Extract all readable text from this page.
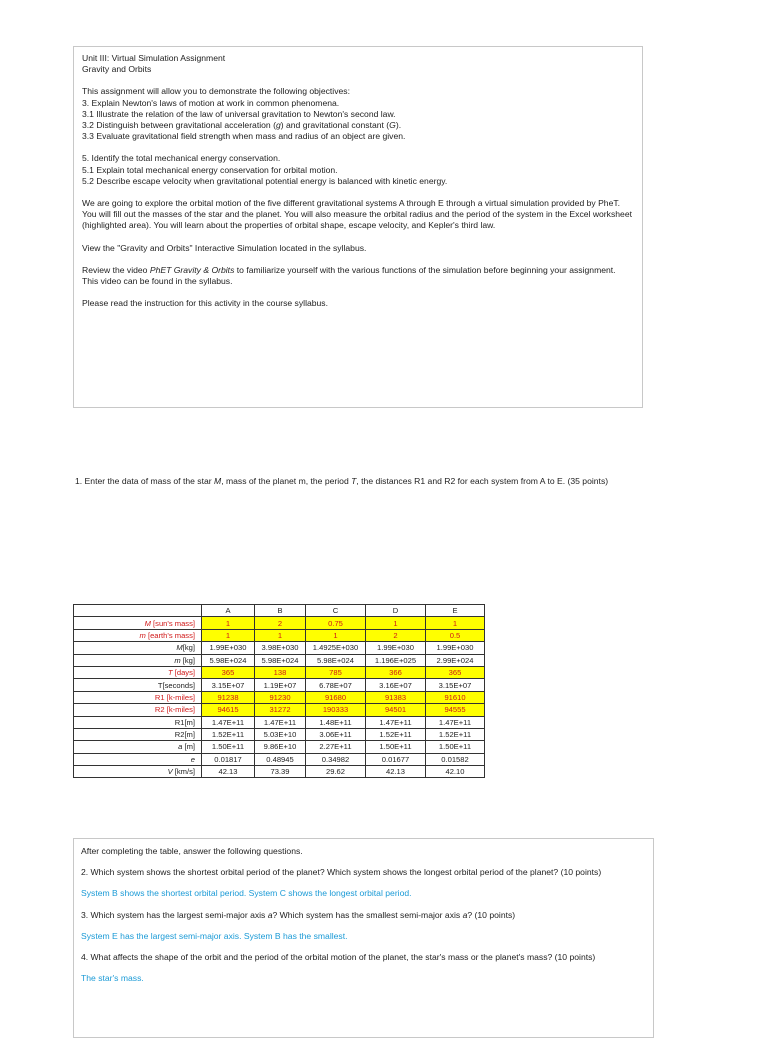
Unit III: Virtual Simulation Assignment

Gravity and Orbits

This assignment will allow you to demonstrate the following objectives:

3. Explain Newton's laws of motion at work in common phenomena.

3.1 Illustrate the relation of the law of universal gravitation to Newton's second law.

3.2 Distinguish between gravitational acceleration (g) and gravitational constant (G).

3.3 Evaluate gravitational field strength when mass and radius of an object are given.

5. Identify the total mechanical energy conservation.

5.1 Explain total mechanical energy conservation for orbital motion.

5.2 Describe escape velocity when gravitational potential energy is balanced with kinetic energy.

We are going to explore the orbital motion of the five different gravitational systems A through E through a virtual simulation provided by PheT. You will fill out the masses of the star and the planet. You will also measure the orbital radius and the period of the system in the Excel worksheet (highlighted area). You will learn about the properties of orbital shape, escape velocity, and Kepler's third law.

View the "Gravity and Orbits" Interactive Simulation located in the syllabus.

Review the video PhET Gravity & Orbits to familiarize yourself with the various functions of the simulation before beginning your assignment. This video can be found in the syllabus.

Please read the instruction for this activity in the course syllabus.

1. Enter the data of mass of the star M, mass of the planet m, the period T, the distances R1 and R2 for each system from A to E. (35 points)
	A	B	C	D	E
M [sun's mass]	1	2	0.75	1	1
m [earth's mass]	1	1	1	2	0.5
M[kg]	1.99E+030	3.98E+030	1.4925E+030	1.99E+030	1.99E+030
m [kg]	5.98E+024	5.98E+024	5.98E+024	1.196E+025	2.99E+024
T [days]	365	138	785	366	365
T[seconds]	3.15E+07	1.19E+07	6.78E+07	3.16E+07	3.15E+07
R1 [k-miles]	91238	91230	91680	91383	91610
R2 [k-miles]	94615	31272	190333	94501	94555
R1[m]	1.47E+11	1.47E+11	1.48E+11	1.47E+11	1.47E+11
R2[m]	1.52E+11	5.03E+10	3.06E+11	1.52E+11	1.52E+11
a [m]	1.50E+11	9.86E+10	2.27E+11	1.50E+11	1.50E+11
e	0.01817	0.48945	0.34982	0.01677	0.01582
V [km/s]	42.13	73.39	29.62	42.13	42.10

After completing the table, answer the following questions.

2. Which system shows the shortest orbital period of the planet? Which system shows the longest orbital period of the planet? (10 points)

System B shows the shortest orbital period. System C shows the longest orbital period.

3. Which system has the largest semi-major axis a? Which system has the smallest semi-major axis a? (10 points)

System E has the largest semi-major axis. System B has the smallest.

4. What affects the shape of the orbit and the period of the orbital motion of the planet, the star's mass or the planet's mass? (10 points)

The star's mass.
